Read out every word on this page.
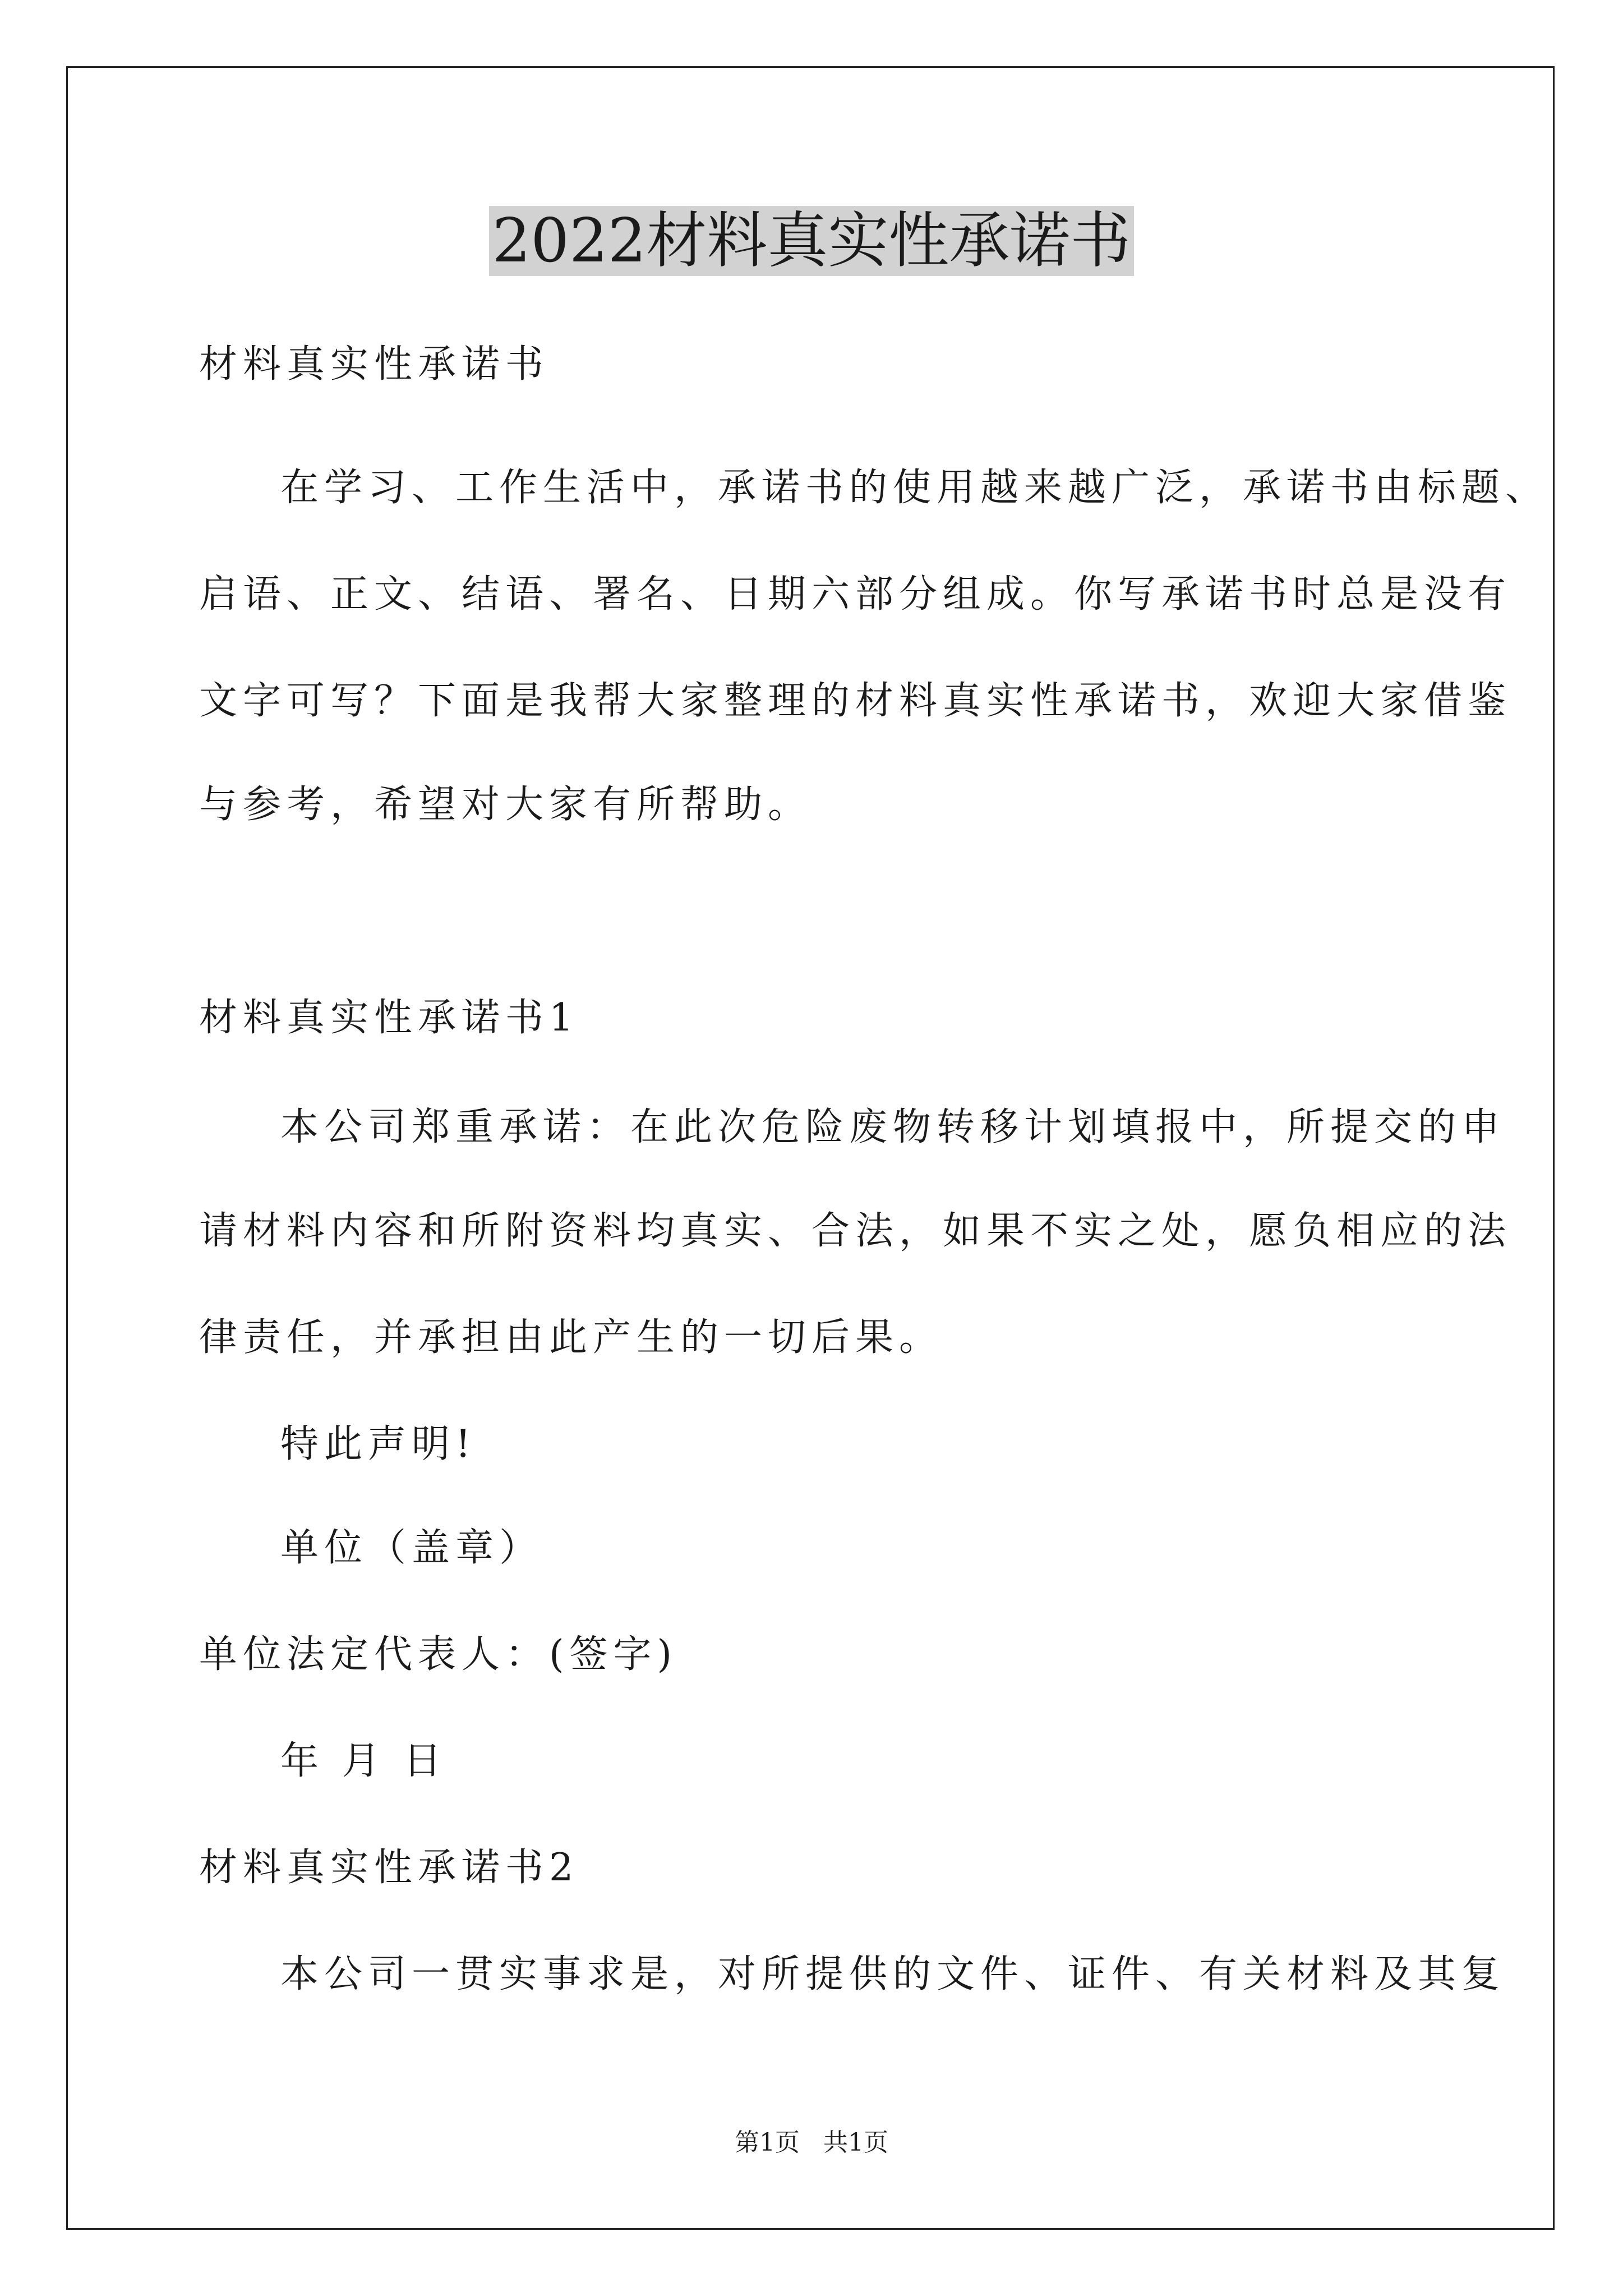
2022材料真实性承诺书
材料真实性承诺书
在学习、工作生活中，承诺书的使用越来越广泛，承诺书由标题、
启语、正文、结语、署名、日期六部分组成。你写承诺书时总是没有
文字可写？下面是我帮大家整理的材料真实性承诺书，欢迎大家借鉴
与参考，希望对大家有所帮助。
材料真实性承诺书1
本公司郑重承诺：在此次危险废物转移计划填报中，所提交的申
请材料内容和所附资料均真实、合法，如果不实之处，愿负相应的法
律责任，并承担由此产生的一切后果。
特此声明!
单位（盖章）
单位法定代表人：(签字)
年 月 日
材料真实性承诺书2
本公司一贯实事求是，对所提供的文件、证件、有关材料及其复
第1页   共1页
